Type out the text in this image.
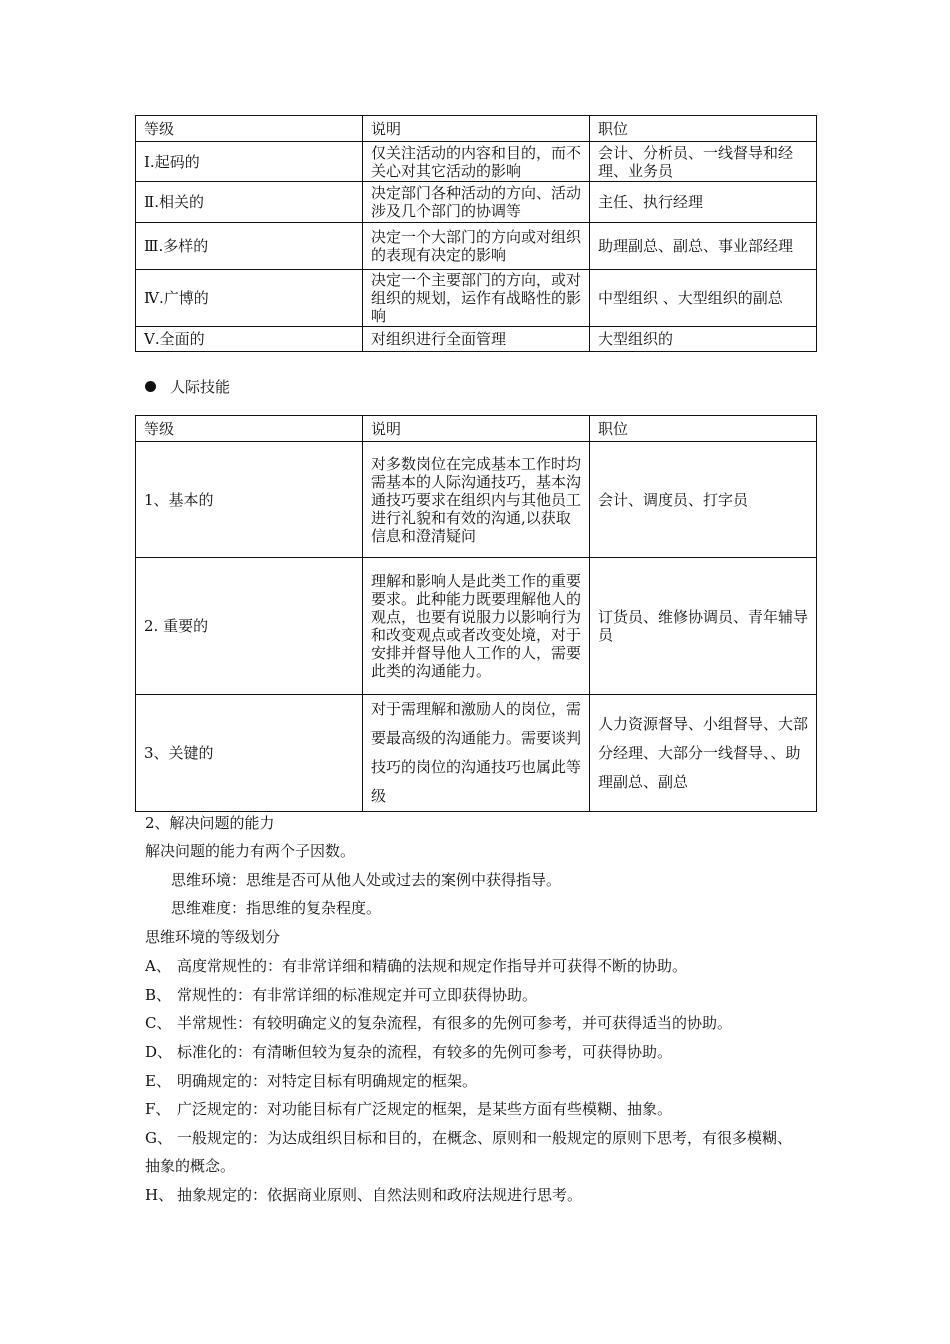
等级	说明	职位
Ⅰ.起码的	仅关注活动的内容和目的，而不关心对其它活动的影响	会计、分析员、一线督导和经理、业务员
Ⅱ.相关的	决定部门各种活动的方向、活动涉及几个部门的协调等	主任、执行经理
Ⅲ.多样的	决定一个大部门的方向或对组织的表现有决定的影响	助理副总、副总、事业部经理
Ⅳ.广博的	决定一个主要部门的方向，或对组织的规划，运作有战略性的影响	中型组织 、大型组织的副总
Ⅴ.全面的	对组织进行全面管理	大型组织的
人际技能
等级	说明	职位
1、基本的	对多数岗位在完成基本工作时均需基本的人际沟通技巧，基本沟通技巧要求在组织内与其他员工进行礼貌和有效的沟通,以获取信息和澄清疑问	会计、调度员、打字员
2. 重要的	理解和影响人是此类工作的重要要求。此种能力既要理解他人的观点，也要有说服力以影响行为和改变观点或者改变处境，对于安排并督导他人工作的人，需要此类的沟通能力。	订货员、维修协调员、青年辅导员
3、关键的	对于需理解和激励人的岗位，需要最高级的沟通能力。需要谈判技巧的岗位的沟通技巧也属此等级	人力资源督导、小组督导、大部分经理、大部分一线督导、、助理副总、副总
2、解决问题的能力
解决问题的能力有两个子因数。
思维环境：思维是否可从他人处或过去的案例中获得指导。
思维难度：指思维的复杂程度。
思维环境的等级划分
A、 高度常规性的：有非常详细和精确的法规和规定作指导并可获得不断的协助。
B、 常规性的：有非常详细的标准规定并可立即获得协助。
C、 半常规性：有较明确定义的复杂流程，有很多的先例可参考，并可获得适当的协助。
D、 标准化的：有清晰但较为复杂的流程，有较多的先例可参考，可获得协助。
E、 明确规定的：对特定目标有明确规定的框架。
F、 广泛规定的：对功能目标有广泛规定的框架，是某些方面有些模糊、抽象。
G、 一般规定的：为达成组织目标和目的，在概念、原则和一般规定的原则下思考，有很多模糊、抽象的概念。
H、 抽象规定的：依据商业原则、自然法则和政府法规进行思考。
